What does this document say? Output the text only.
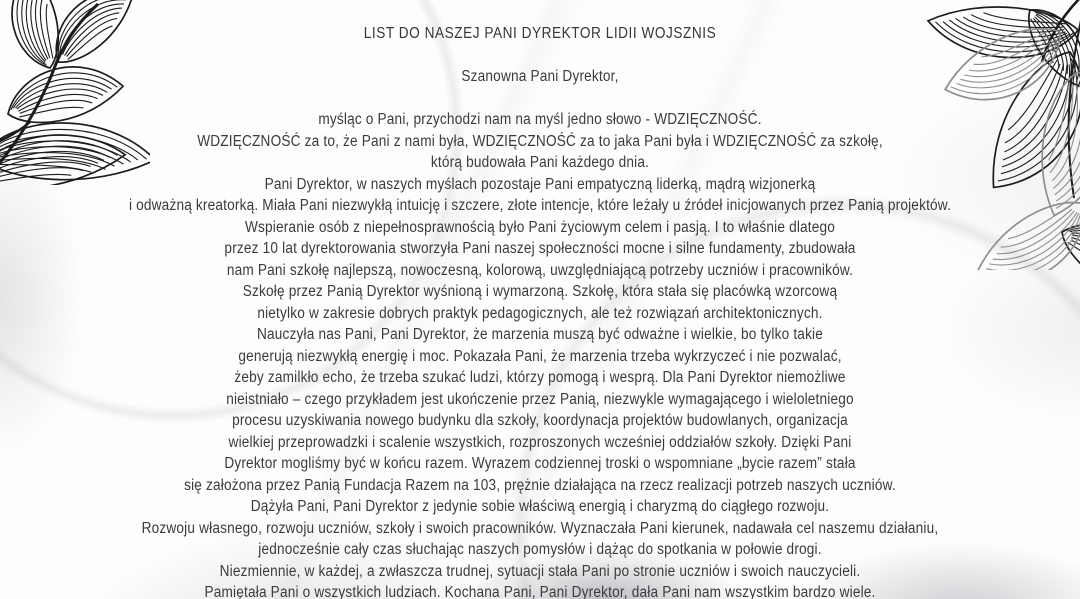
LIST DO NASZEJ PANI DYREKTOR LIDII WOJSZNIS
Szanowna Pani Dyrektor,
myśląc o Pani, przychodzi nam na myśl jedno słowo - WDZIĘCZNOŚĆ.
WDZIĘCZNOŚĆ za to, że Pani z nami była, WDZIĘCZNOŚĆ za to jaka Pani była i WDZIĘCZNOŚĆ za szkołę,
którą budowała Pani każdego dnia.
Pani Dyrektor, w naszych myślach pozostaje Pani empatyczną liderką, mądrą wizjonerką
i odważną kreatorką. Miała Pani niezwykłą intuicję i szczere, złote intencje, które leżały u źródeł inicjowanych przez Panią projektów.
Wspieranie osób z niepełnosprawnością było Pani życiowym celem i pasją. I to właśnie dlatego
przez 10 lat dyrektorowania stworzyła Pani naszej społeczności mocne i silne fundamenty, zbudowała
nam Pani szkołę najlepszą, nowoczesną, kolorową, uwzględniającą potrzeby uczniów i pracowników.
Szkołę przez Panią Dyrektor wyśnioną i wymarzoną. Szkołę, która stała się placówką wzorcową
nietylko w zakresie dobrych praktyk pedagogicznych, ale też rozwiązań architektonicznych.
Nauczyła nas Pani, Pani Dyrektor, że marzenia muszą być odważne i wielkie, bo tylko takie
generują niezwykłą energię i moc. Pokazała Pani, że marzenia trzeba wykrzyczeć i nie pozwalać,
żeby zamilkło echo, że trzeba szukać ludzi, którzy pomogą i wesprą. Dla Pani Dyrektor niemożliwe
nieistniało – czego przykładem jest ukończenie przez Panią, niezwykle wymagającego i wieloletniego
procesu uzyskiwania nowego budynku dla szkoły, koordynacja projektów budowlanych, organizacja
wielkiej przeprowadzki i scalenie wszystkich, rozproszonych wcześniej oddziałów szkoły. Dzięki Pani
Dyrektor mogliśmy być w końcu razem. Wyrazem codziennej troski o wspomniane „bycie razem” stała
się założona przez Panią Fundacja Razem na 103, prężnie działająca na rzecz realizacji potrzeb naszych uczniów.
Dążyła Pani, Pani Dyrektor z jedynie sobie właściwą energią i charyzmą do ciągłego rozwoju.
Rozwoju własnego, rozwoju uczniów, szkoły i swoich pracowników. Wyznaczała Pani kierunek, nadawała cel naszemu działaniu,
jednocześnie cały czas słuchając naszych pomysłów i dążąc do spotkania w połowie drogi.
Niezmiennie, w każdej, a zwłaszcza trudnej, sytuacji stała Pani po stronie uczniów i swoich nauczycieli.
Pamiętała Pani o wszystkich ludziach. Kochana Pani, Pani Dyrektor, dała Pani nam wszystkim bardzo wiele.
